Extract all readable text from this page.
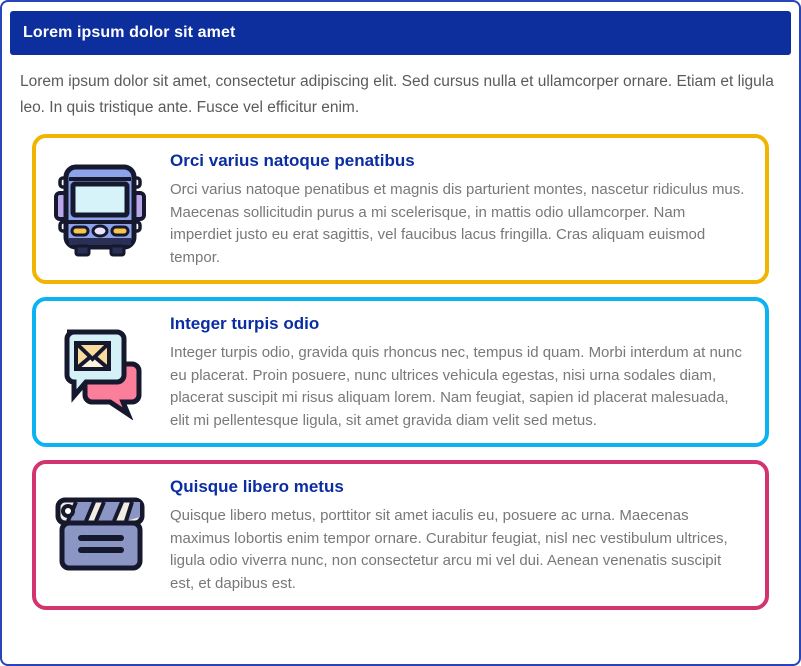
Lorem ipsum dolor sit amet

Lorem ipsum dolor sit amet, consectetur adipiscing elit. Sed cursus nulla et ullamcorper ornare. Etiam et ligula leo. In quis tristique ante. Fusce vel efficitur enim.

Orci varius natoque penatibus
Orci varius natoque penatibus et magnis dis parturient montes, nascetur ridiculus mus. Maecenas sollicitudin purus a mi scelerisque, in mattis odio ullamcorper. Nam imperdiet justo eu erat sagittis, vel faucibus lacus fringilla. Cras aliquam euismod tempor.
Integer turpis odio
Integer turpis odio, gravida quis rhoncus nec, tempus id quam. Morbi interdum at nunc eu placerat. Proin posuere, nunc ultrices vehicula egestas, nisi urna sodales diam, placerat suscipit mi risus aliquam lorem. Nam feugiat, sapien id placerat malesuada, elit mi pellentesque ligula, sit amet gravida diam velit sed metus.
Quisque libero metus
Quisque libero metus, porttitor sit amet iaculis eu, posuere ac urna. Maecenas maximus lobortis enim tempor ornare. Curabitur feugiat, nisl nec vestibulum ultrices, ligula odio viverra nunc, non consectetur arcu mi vel dui. Aenean venenatis suscipit est, et dapibus est.
